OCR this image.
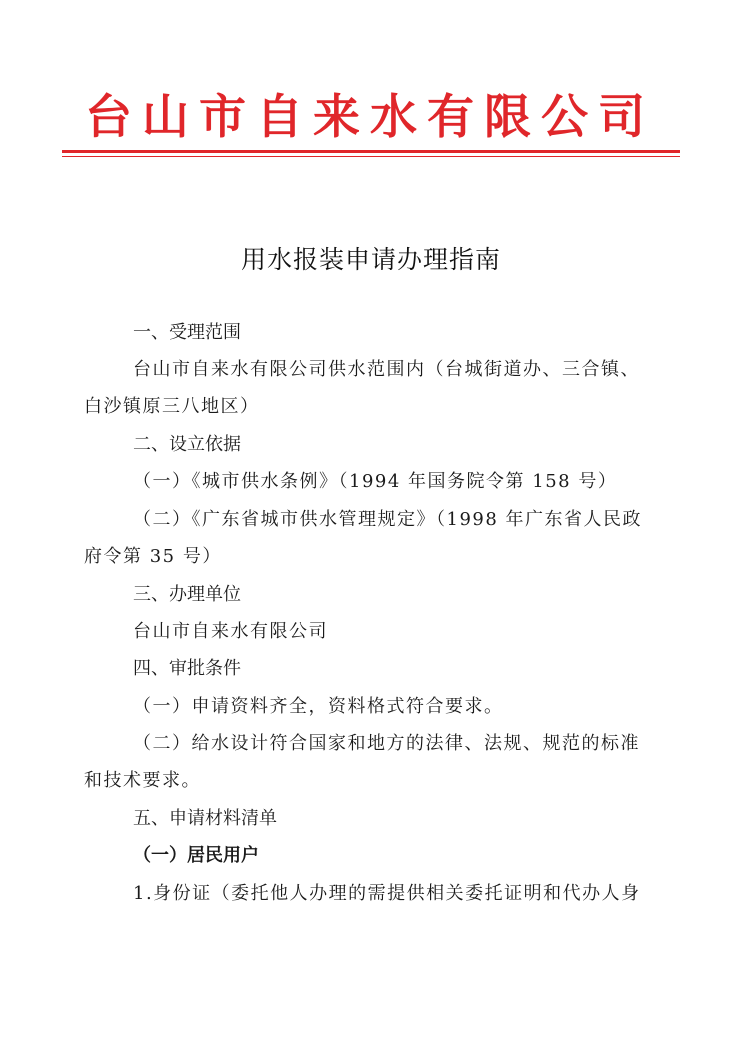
台山市自来水有限公司
用水报装申请办理指南
一、受理范围
台山市自来水有限公司供水范围内（台城街道办、三合镇、
白沙镇原三八地区）
二、设立依据
（一）《城市供水条例》（1994 年国务院令第 158 号）
（二）《广东省城市供水管理规定》（1998 年广东省人民政
府令第 35 号）
三、办理单位
台山市自来水有限公司
四、审批条件
（一）申请资料齐全，资料格式符合要求。
（二）给水设计符合国家和地方的法律、法规、规范的标准
和技术要求。
五、申请材料清单
（一）居民用户
1.身份证（委托他人办理的需提供相关委托证明和代办人身
